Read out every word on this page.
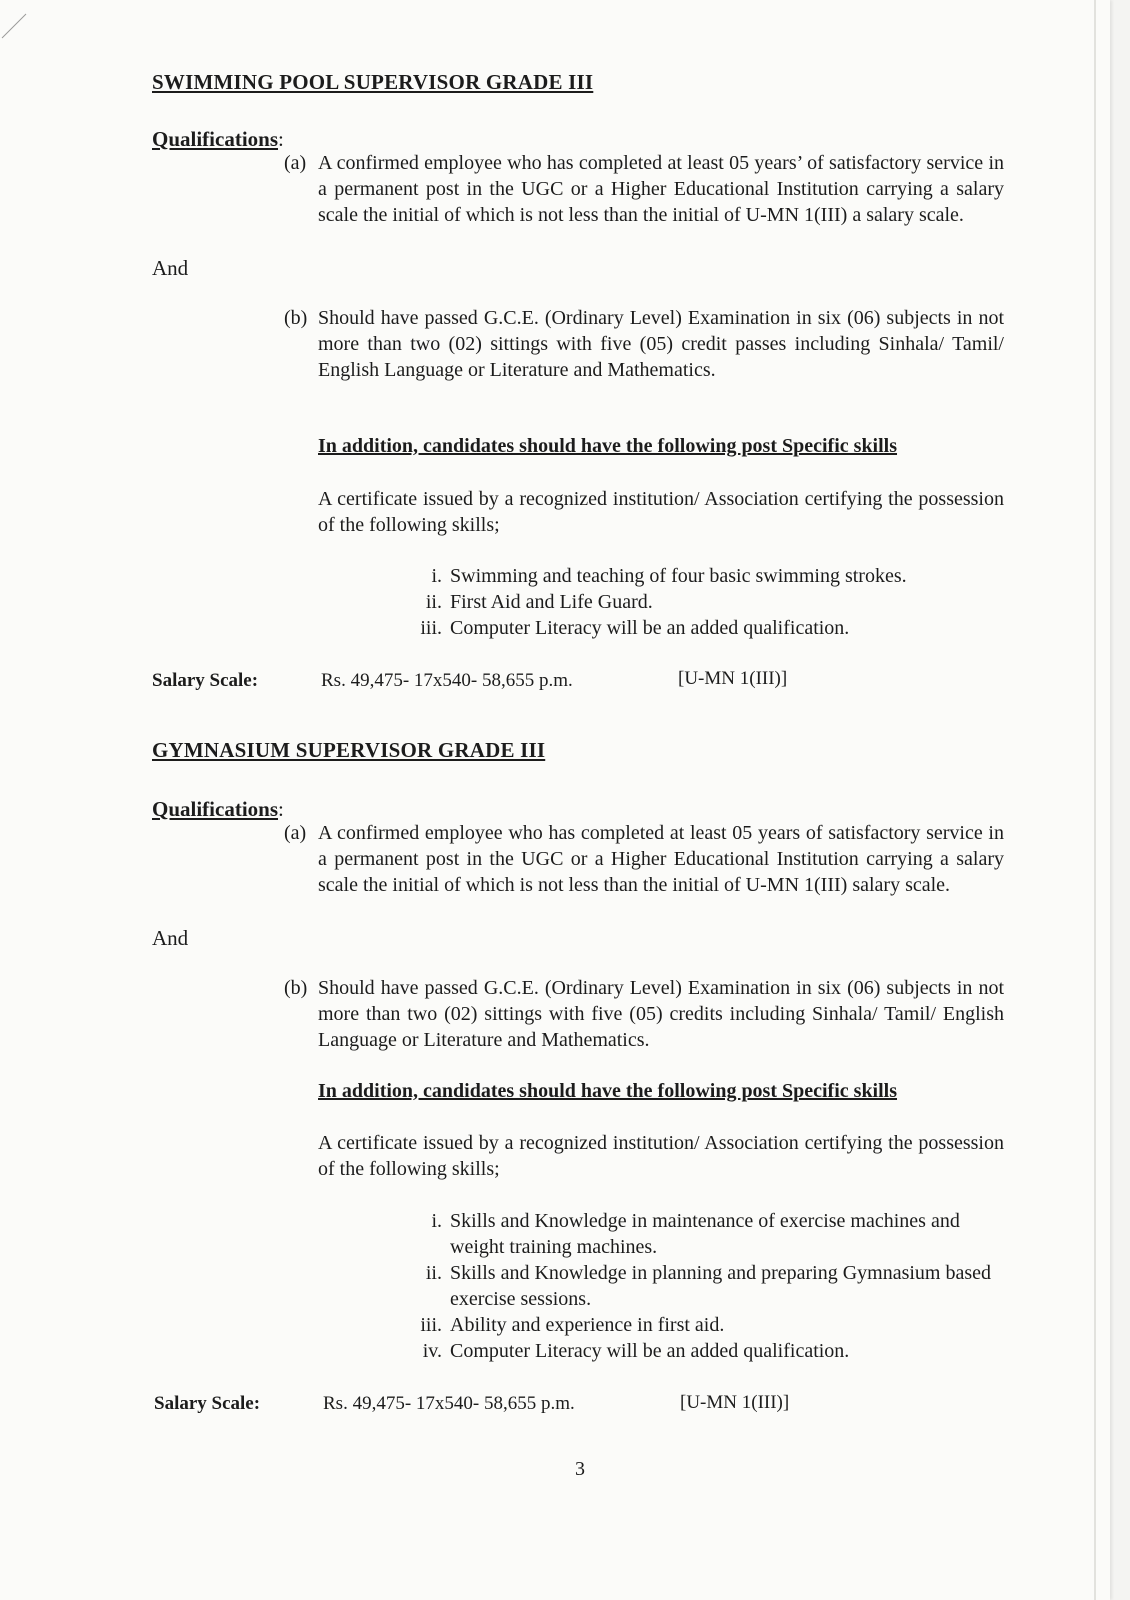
SWIMMING POOL SUPERVISOR GRADE III
Qualifications:
(a) A confirmed employee who has completed at least 05 years’ of satisfactory service in a permanent post in the UGC or a Higher Educational Institution carrying a salary scale the initial of which is not less than the initial of U-MN 1(III) a salary scale.
And
(b) Should have passed G.C.E. (Ordinary Level) Examination in six (06) subjects in not more than two (02) sittings with five (05) credit passes including Sinhala/ Tamil/ English Language or Literature and Mathematics.
In addition, candidates should have the following post Specific skills
A certificate issued by a recognized institution/ Association certifying the possession of the following skills;
i. Swimming and teaching of four basic swimming strokes.
ii. First Aid and Life Guard.
iii. Computer Literacy will be an added qualification.
Salary Scale:	Rs. 49,475- 17x540- 58,655 p.m.	[U-MN 1(III)]
GYMNASIUM SUPERVISOR GRADE III
Qualifications:
(a) A confirmed employee who has completed at least 05 years of satisfactory service in a permanent post in the UGC or a Higher Educational Institution carrying a salary scale the initial of which is not less than the initial of U-MN 1(III) salary scale.
And
(b) Should have passed G.C.E. (Ordinary Level) Examination in six (06) subjects in not more than two (02) sittings with five (05) credits including Sinhala/ Tamil/ English Language or Literature and Mathematics.
In addition, candidates should have the following post Specific skills
A certificate issued by a recognized institution/ Association certifying the possession of the following skills;
i. Skills and Knowledge in maintenance of exercise machines and weight training machines.
ii. Skills and Knowledge in planning and preparing Gymnasium based exercise sessions.
iii. Ability and experience in first aid.
iv. Computer Literacy will be an added qualification.
Salary Scale:	Rs. 49,475- 17x540- 58,655 p.m.	[U-MN 1(III)]
3
